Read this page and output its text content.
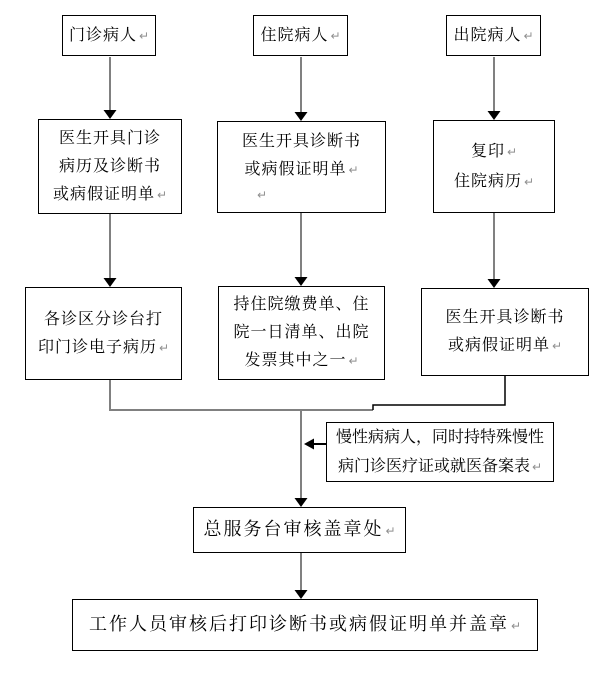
门诊病人 ↵	住院病人 ↵	出院病人 ↵
医生开具门诊
病历及诊断书
或病假证明单 ↵
医生开具诊断书
或病假证明单 ↵
↵
复印 ↵
住院病历 ↵
各诊区分诊台打
印门诊电子病历 ↵
持住院缴费单、住
院一日清单、出院
发票其中之一 ↵
医生开具诊断书
或病假证明单 ↵
慢性病病人，同时持特殊慢性
病门诊医疗证或就医备案表 ↵
总服务台审核盖章处 ↵
工作人员审核后打印诊断书或病假证明单并盖章 ↵
